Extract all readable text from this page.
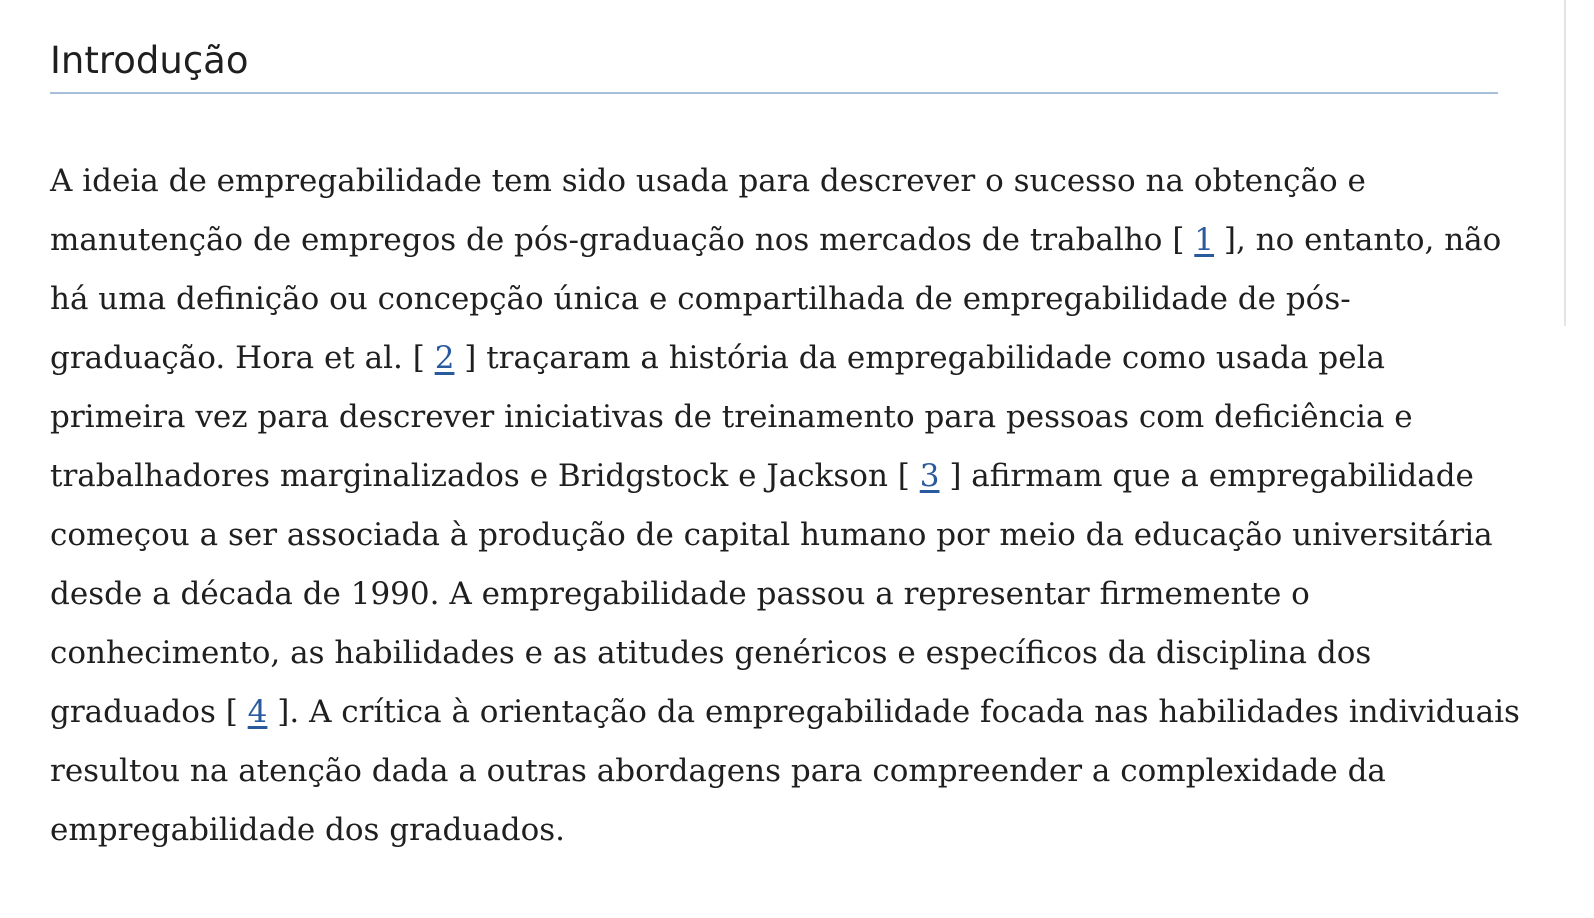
Introdução

A ideia de empregabilidade tem sido usada para descrever o sucesso na obtenção e
manutenção de empregos de pós-graduação nos mercados de trabalho [ 1 ], no entanto, não
há uma definição ou concepção única e compartilhada de empregabilidade de pós-
graduação. Hora et al. [ 2 ] traçaram a história da empregabilidade como usada pela
primeira vez para descrever iniciativas de treinamento para pessoas com deficiência e
trabalhadores marginalizados e Bridgstock e Jackson [ 3 ] afirmam que a empregabilidade
começou a ser associada à produção de capital humano por meio da educação universitária
desde a década de 1990. A empregabilidade passou a representar firmemente o
conhecimento, as habilidades e as atitudes genéricos e específicos da disciplina dos
graduados [ 4 ]. A crítica à orientação da empregabilidade focada nas habilidades individuais
resultou na atenção dada a outras abordagens para compreender a complexidade da
empregabilidade dos graduados.
